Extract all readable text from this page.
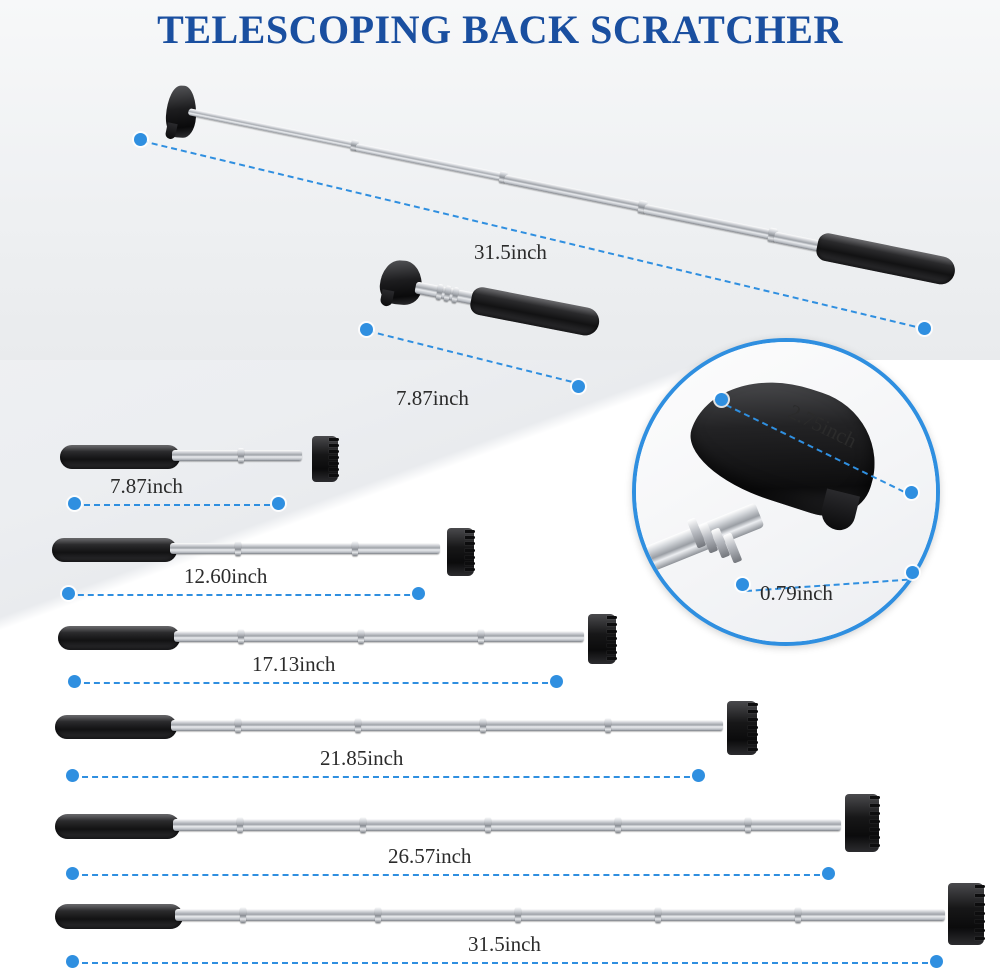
TELESCOPING BACK SCRATCHER
31.5inch
7.87inch
2.75inch
0.79inch
7.87inch
12.60inch
17.13inch
21.85inch
26.57inch
31.5inch
